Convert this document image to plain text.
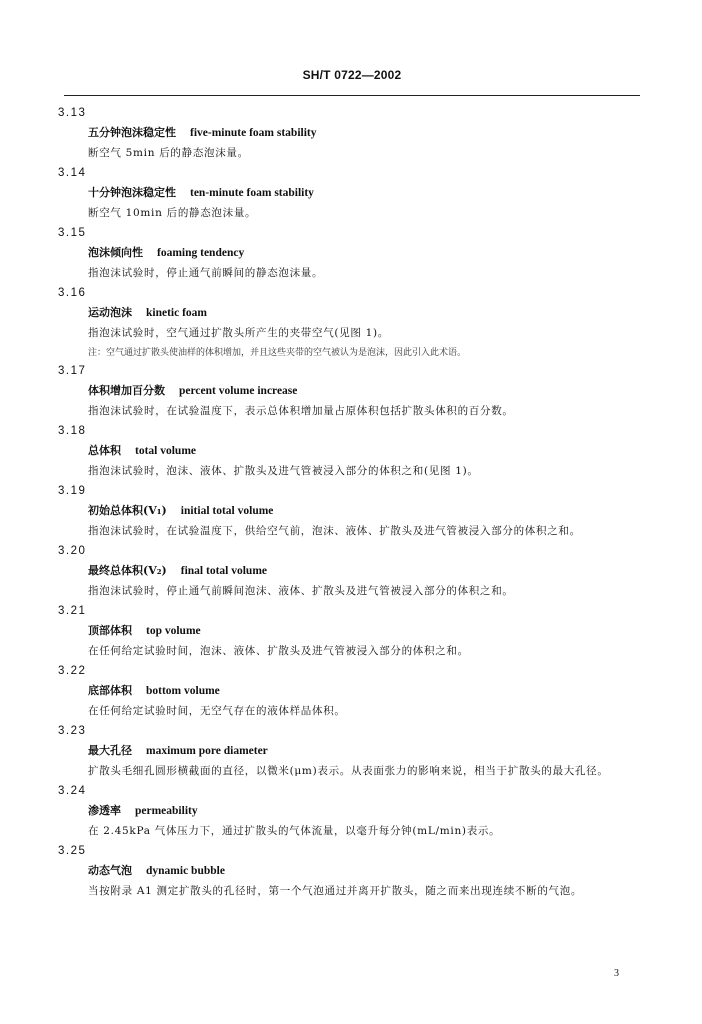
SH/T 0722—2002
3.13
五分钟泡沫稳定性 five-minute foam stability
断空气 5min 后的静态泡沫量。
3.14
十分钟泡沫稳定性 ten-minute foam stability
断空气 10min 后的静态泡沫量。
3.15
泡沫倾向性 foaming tendency
指泡沫试验时，停止通气前瞬间的静态泡沫量。
3.16
运动泡沫 kinetic foam
指泡沫试验时，空气通过扩散头所产生的夹带空气(见图 1)。
注：空气通过扩散头使油样的体积增加，并且这些夹带的空气被认为是泡沫，因此引入此术语。
3.17
体积增加百分数 percent volume increase
指泡沫试验时，在试验温度下，表示总体积增加量占原体积包括扩散头体积的百分数。
3.18
总体积 total volume
指泡沫试验时，泡沫、液体、扩散头及进气管被浸入部分的体积之和(见图 1)。
3.19
初始总体积(V₁) initial total volume
指泡沫试验时，在试验温度下，供给空气前，泡沫、液体、扩散头及进气管被浸入部分的体积之和。
3.20
最终总体积(V₂) final total volume
指泡沫试验时，停止通气前瞬间泡沫、液体、扩散头及进气管被浸入部分的体积之和。
3.21
顶部体积 top volume
在任何给定试验时间，泡沫、液体、扩散头及进气管被浸入部分的体积之和。
3.22
底部体积 bottom volume
在任何给定试验时间，无空气存在的液体样品体积。
3.23
最大孔径 maximum pore diameter
扩散头毛细孔圆形横截面的直径，以微米(μm)表示。从表面张力的影响来说，相当于扩散头的最大孔径。
3.24
渗透率 permeability
在 2.45kPa 气体压力下，通过扩散头的气体流量，以毫升每分钟(mL/min)表示。
3.25
动态气泡 dynamic bubble
当按附录 A1 测定扩散头的孔径时，第一个气泡通过并离开扩散头，随之而来出现连续不断的气泡。
3
